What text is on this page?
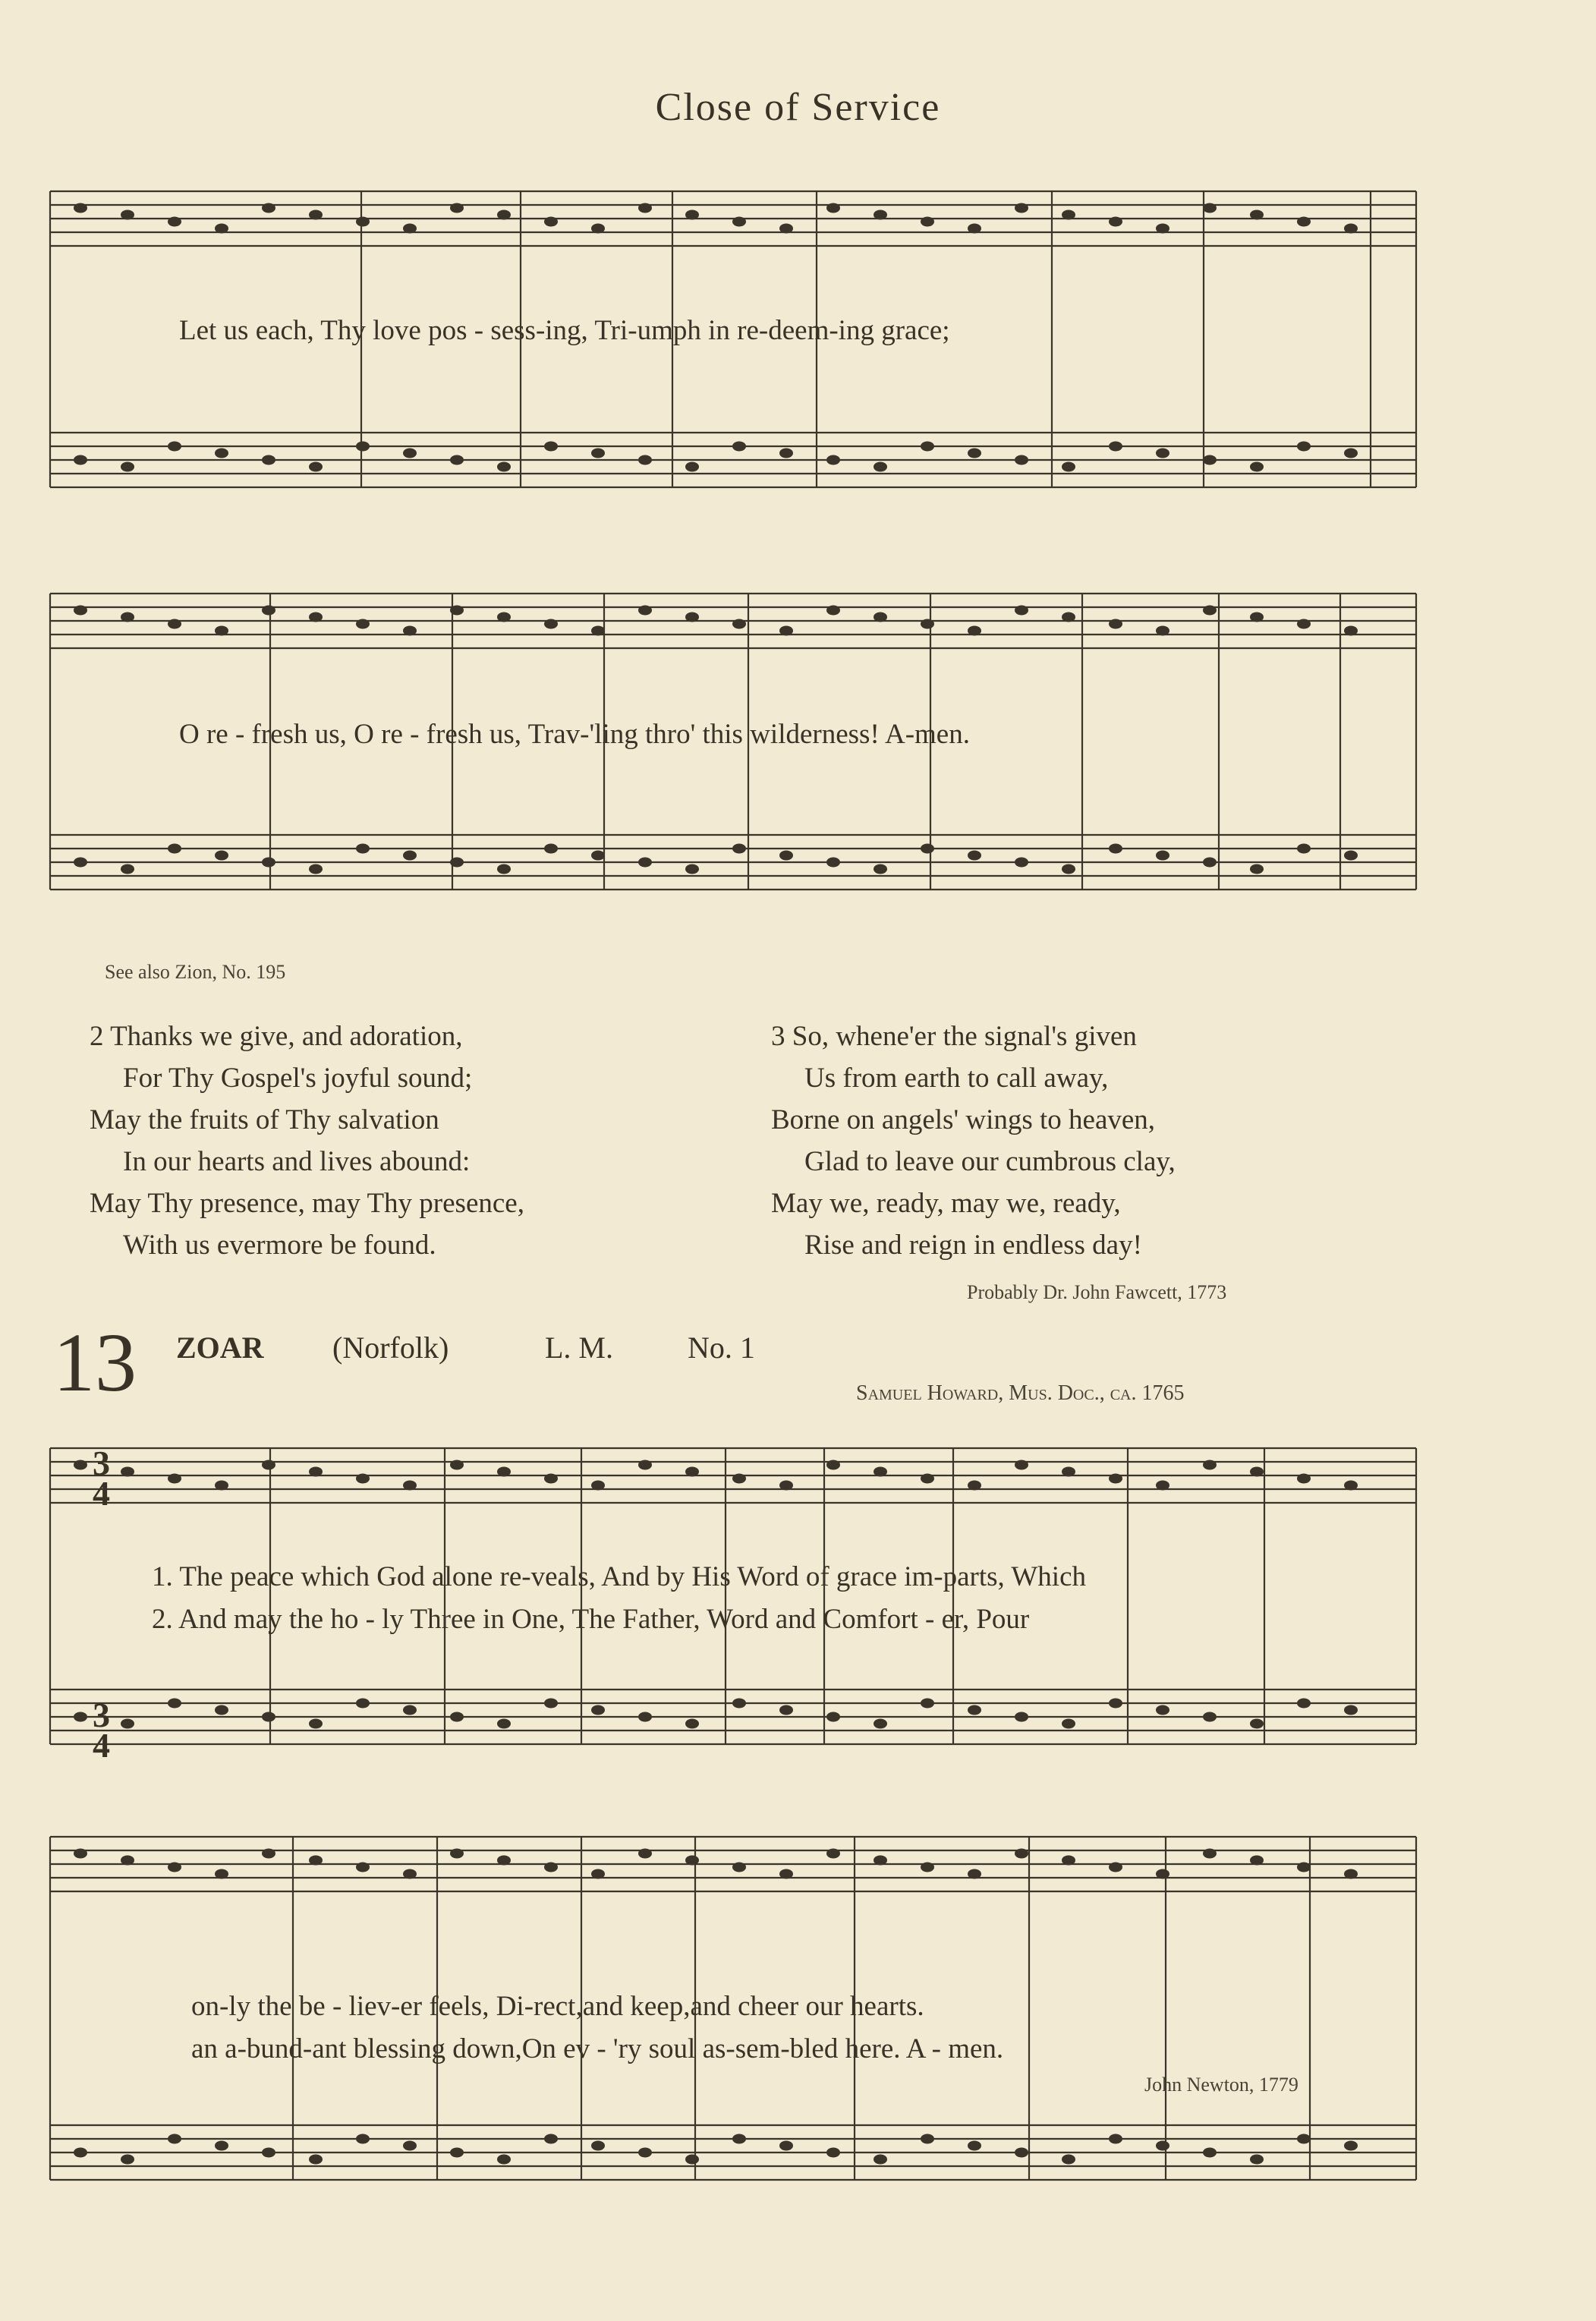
Close of Service
Let us each, Thy love pos - sess-ing, Tri-umph in re-deem-ing grace;
O re - fresh us, O re - fresh us, Trav-'ling thro' this wilderness! A-men.
See also Zion, No. 195
2 Thanks we give, and adoration,
For Thy Gospel's joyful sound;
May the fruits of Thy salvation
In our hearts and lives abound:
May Thy presence, may Thy presence,
With us evermore be found.
3 So, whene'er the signal's given
Us from earth to call away,
Borne on angels' wings to heaven,
Glad to leave our cumbrous clay,
May we, ready, may we, ready,
Rise and reign in endless day!
Probably Dr. John Fawcett, 1773
13 ZOAR (Norfolk)	L. M. No. 1
Samuel Howard, Mus. Doc., ca. 1765
3
4
3
4
1. The peace which God alone re-veals, And by His Word of grace im-parts, Which
2. And may the ho - ly Three in One, The Father, Word and Comfort - er, Pour
on-ly the be - liev-er feels, Di-rect,and keep,and cheer our hearts.
an a-bund-ant blessing down,On ev - 'ry soul as-sem-bled here. A - men.
John Newton, 1779
